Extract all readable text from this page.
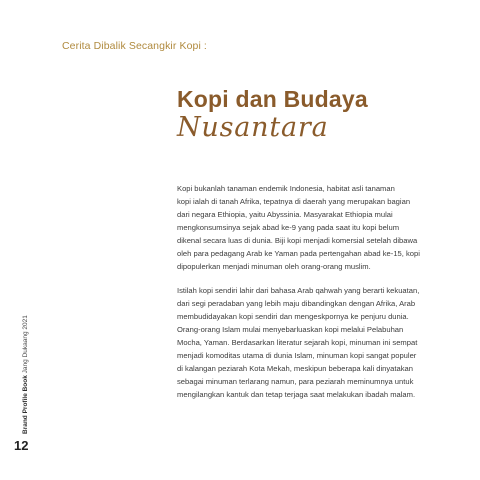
Cerita Dibalik Secangkir Kopi :
Kopi dan Budaya
Nusantara

Kopi bukanlah tanaman endemik Indonesia, habitat asli tanaman
kopi ialah di tanah Afrika, tepatnya di daerah yang merupakan bagian
dari negara Ethiopia, yaitu Abyssinia. Masyarakat Ethiopia mulai
mengkonsumsinya sejak abad ke-9 yang pada saat itu kopi belum
dikenal secara luas di dunia. Biji kopi menjadi komersial setelah dibawa
oleh para pedagang Arab ke Yaman pada pertengahan abad ke-15, kopi
dipopulerkan menjadi minuman oleh orang-orang muslim.

Istilah kopi sendiri lahir dari bahasa Arab qahwah yang berarti kekuatan,
dari segi peradaban yang lebih maju dibandingkan dengan Afrika, Arab
membudidayakan kopi sendiri dan mengeskpornya ke penjuru dunia.
Orang-orang Islam mulai menyebarluaskan kopi melalui Pelabuhan
Mocha, Yaman. Berdasarkan literatur sejarah kopi, minuman ini sempat
menjadi komoditas utama di dunia Islam, minuman kopi sangat populer
di kalangan peziarah Kota Mekah, meskipun beberapa kali dinyatakan
sebagai minuman terlarang namun, para peziarah meminumnya untuk
mengilangkan kantuk dan tetap terjaga saat melakukan ibadah malam.

Brand Profile Book Jang Dukaang 2021
12
